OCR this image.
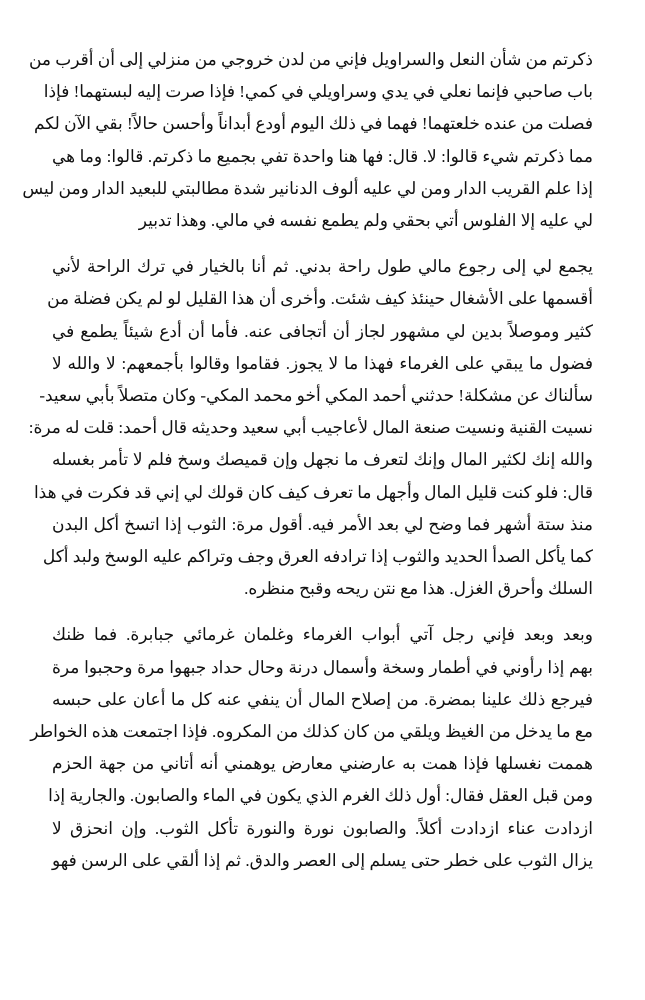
ذكرتم من شأن النعل والسراويل فإني من لدن خروجي من منزلي إلى أن أقرب من
باب صاحبي فإنما نعلي في يدي وسراويلي في كمي! فإذا صرت إليه لبستهما! فإذا
فصلت من عنده خلعتهما! فهما في ذلك اليوم أودع أبداناً وأحسن حالاً! بقي الآن لكم
مما ذكرتم شيء قالوا: لا. قال: فها هنا واحدة تفي بجميع ما ذكرتم. قالوا: وما هي
إذا علم القريب الدار ومن لي عليه ألوف الدنانير شدة مطالبتي للبعيد الدار ومن ليس
لي عليه إلا الفلوس أتي بحقي ولم يطمع نفسه في مالي. وهذا تدبير
يجمع لي إلى رجوع مالي طول راحة بدني. ثم أنا بالخيار في ترك الراحة لأني
أقسمها على الأشغال حينئذ كيف شئت. وأخرى أن هذا القليل لو لم يكن فضلة من
كثير وموصلاً بدين لي مشهور لجاز أن أتجافى عنه. فأما أن أدع شيئاً يطمع في
فضول ما يبقي على الغرماء فهذا ما لا يجوز. فقاموا وقالوا بأجمعهم: لا والله لا
سألناك عن مشكلة! حدثني أحمد المكي أخو محمد المكي- وكان متصلاً بأبي سعيد-
نسيت القنية ونسيت صنعة المال لأعاجيب أبي سعيد وحديثه قال أحمد: قلت له مرة:
والله إنك لكثير المال وإنك لتعرف ما نجهل وإن قميصك وسخ فلم لا تأمر بغسله
قال: فلو كنت قليل المال وأجهل ما تعرف كيف كان قولك لي إني قد فكرت في هذا
منذ ستة أشهر فما وضح لي بعد الأمر فيه. أقول مرة: الثوب إذا اتسخ أكل البدن
كما يأكل الصدأ الحديد والثوب إذا ترادفه العرق وجف وتراكم عليه الوسخ ولبد أكل
السلك وأحرق الغزل. هذا مع نتن ريحه وقبح منظره.
وبعد وبعد فإني رجل آتي أبواب الغرماء وغلمان غرمائي جبابرة. فما ظنك
بهم إذا رأوني في أطمار وسخة وأسمال درنة وحال حداد جبهوا مرة وحجبوا مرة
فيرجع ذلك علينا بمضرة. من إصلاح المال أن ينفي عنه كل ما أعان على حبسه
مع ما يدخل من الغيظ ويلقي من كان كذلك من المكروه. فإذا اجتمعت هذه الخواطر
هممت نغسلها فإذا همت به عارضني معارض يوهمني أنه أتاني من جهة الحزم
ومن قبل العقل فقال: أول ذلك الغرم الذي يكون في الماء والصابون. والجارية إذا
ازدادت عناء ازدادت أكلاً. والصابون نورة والنورة تأكل الثوب. وإن انحزق لا
يزال الثوب على خطر حتى يسلم إلى العصر والدق. ثم إذا ألقي على الرسن فهو
